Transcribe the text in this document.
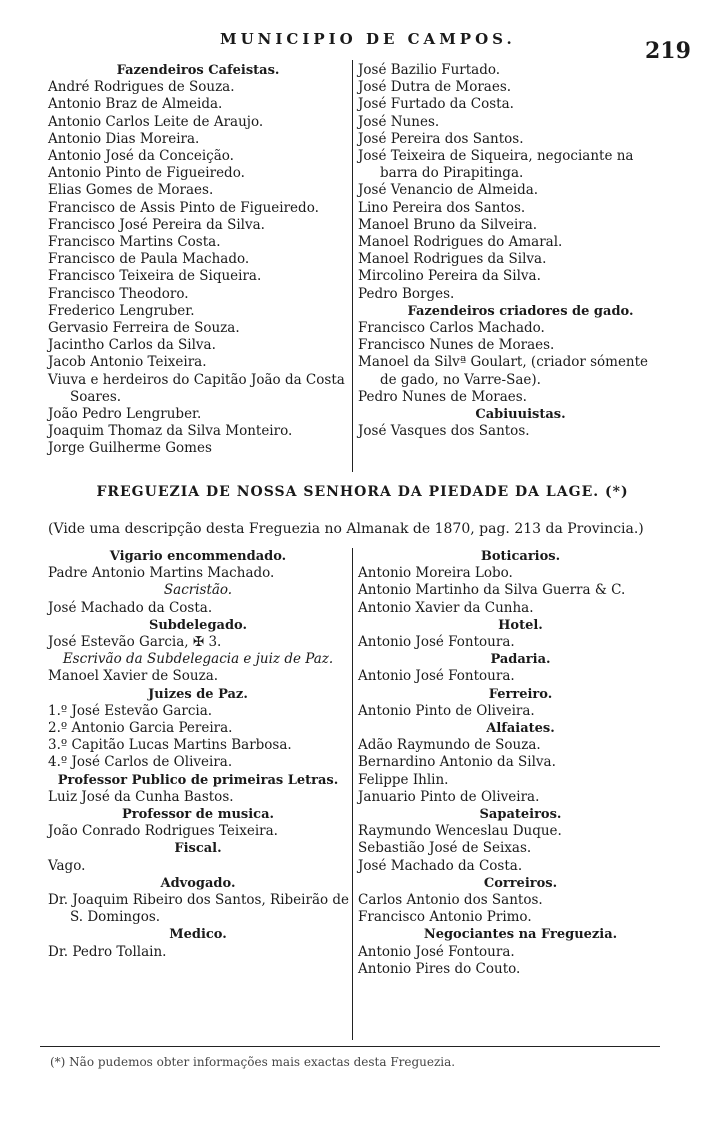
MUNICIPIO DE CAMPOS.	219
Fazendeiros Cafeistas.
André Rodrigues de Souza.
Antonio Braz de Almeida.
Antonio Carlos Leite de Araujo.
Antonio Dias Moreira.
Antonio José da Conceição.
Antonio Pinto de Figueiredo.
Elias Gomes de Moraes.
Francisco de Assis Pinto de Figueiredo.
Francisco José Pereira da Silva.
Francisco Martins Costa.
Francisco de Paula Machado.
Francisco Teixeira de Siqueira.
Francisco Theodoro.
Frederico Lengruber.
Gervasio Ferreira de Souza.
Jacintho Carlos da Silva.
Jacob Antonio Teixeira.
Viuva e herdeiros do Capitão João da Costa
Soares.
João Pedro Lengruber.
Joaquim Thomaz da Silva Monteiro.
Jorge Guilherme Gomes
José Bazilio Furtado.
José Dutra de Moraes.
José Furtado da Costa.
José Nunes.
José Pereira dos Santos.
José Teixeira de Siqueira, negociante na
barra do Pirapitinga.
José Venancio de Almeida.
Lino Pereira dos Santos.
Manoel Bruno da Silveira.
Manoel Rodrigues do Amaral.
Manoel Rodrigues da Silva.
Mircolino Pereira da Silva.
Pedro Borges.
Fazendeiros criadores de gado.
Francisco Carlos Machado.
Francisco Nunes de Moraes.
Manoel da Silvª Goulart, (criador sómente
de gado, no Varre-Sae).
Pedro Nunes de Moraes.
Cabiuuistas.
José Vasques dos Santos.
FREGUEZIA DE NOSSA SENHORA DA PIEDADE DA LAGE. (*)
(Vide uma descripção desta Freguezia no Almanak de 1870, pag. 213 da Provincia.)
Vigario encommendado.
Padre Antonio Martins Machado.
Sacristão.
José Machado da Costa.
Subdelegado.
José Estevão Garcia, ✠ 3.
Escrivão da Subdelegacia e juiz de Paz.
Manoel Xavier de Souza.
Juizes de Paz.
1.º José Estevão Garcia.
2.º Antonio Garcia Pereira.
3.º Capitão Lucas Martins Barbosa.
4.º José Carlos de Oliveira.
Professor Publico de primeiras Letras.
Luiz José da Cunha Bastos.
Professor de musica.
João Conrado Rodrigues Teixeira.
Fiscal.
Vago.
Advogado.
Dr. Joaquim Ribeiro dos Santos, Ribeirão de
S. Domingos.
Medico.
Dr. Pedro Tollain.
Boticarios.
Antonio Moreira Lobo.
Antonio Martinho da Silva Guerra & C.
Antonio Xavier da Cunha.
Hotel.
Antonio José Fontoura.
Padaria.
Antonio José Fontoura.
Ferreiro.
Antonio Pinto de Oliveira.
Alfaiates.
Adão Raymundo de Souza.
Bernardino Antonio da Silva.
Felippe Ihlin.
Januario Pinto de Oliveira.
Sapateiros.
Raymundo Wenceslau Duque.
Sebastião José de Seixas.
José Machado da Costa.
Correiros.
Carlos Antonio dos Santos.
Francisco Antonio Primo.
Negociantes na Freguezia.
Antonio José Fontoura.
Antonio Pires do Couto.
(*) Não pudemos obter informações mais exactas desta Freguezia.
